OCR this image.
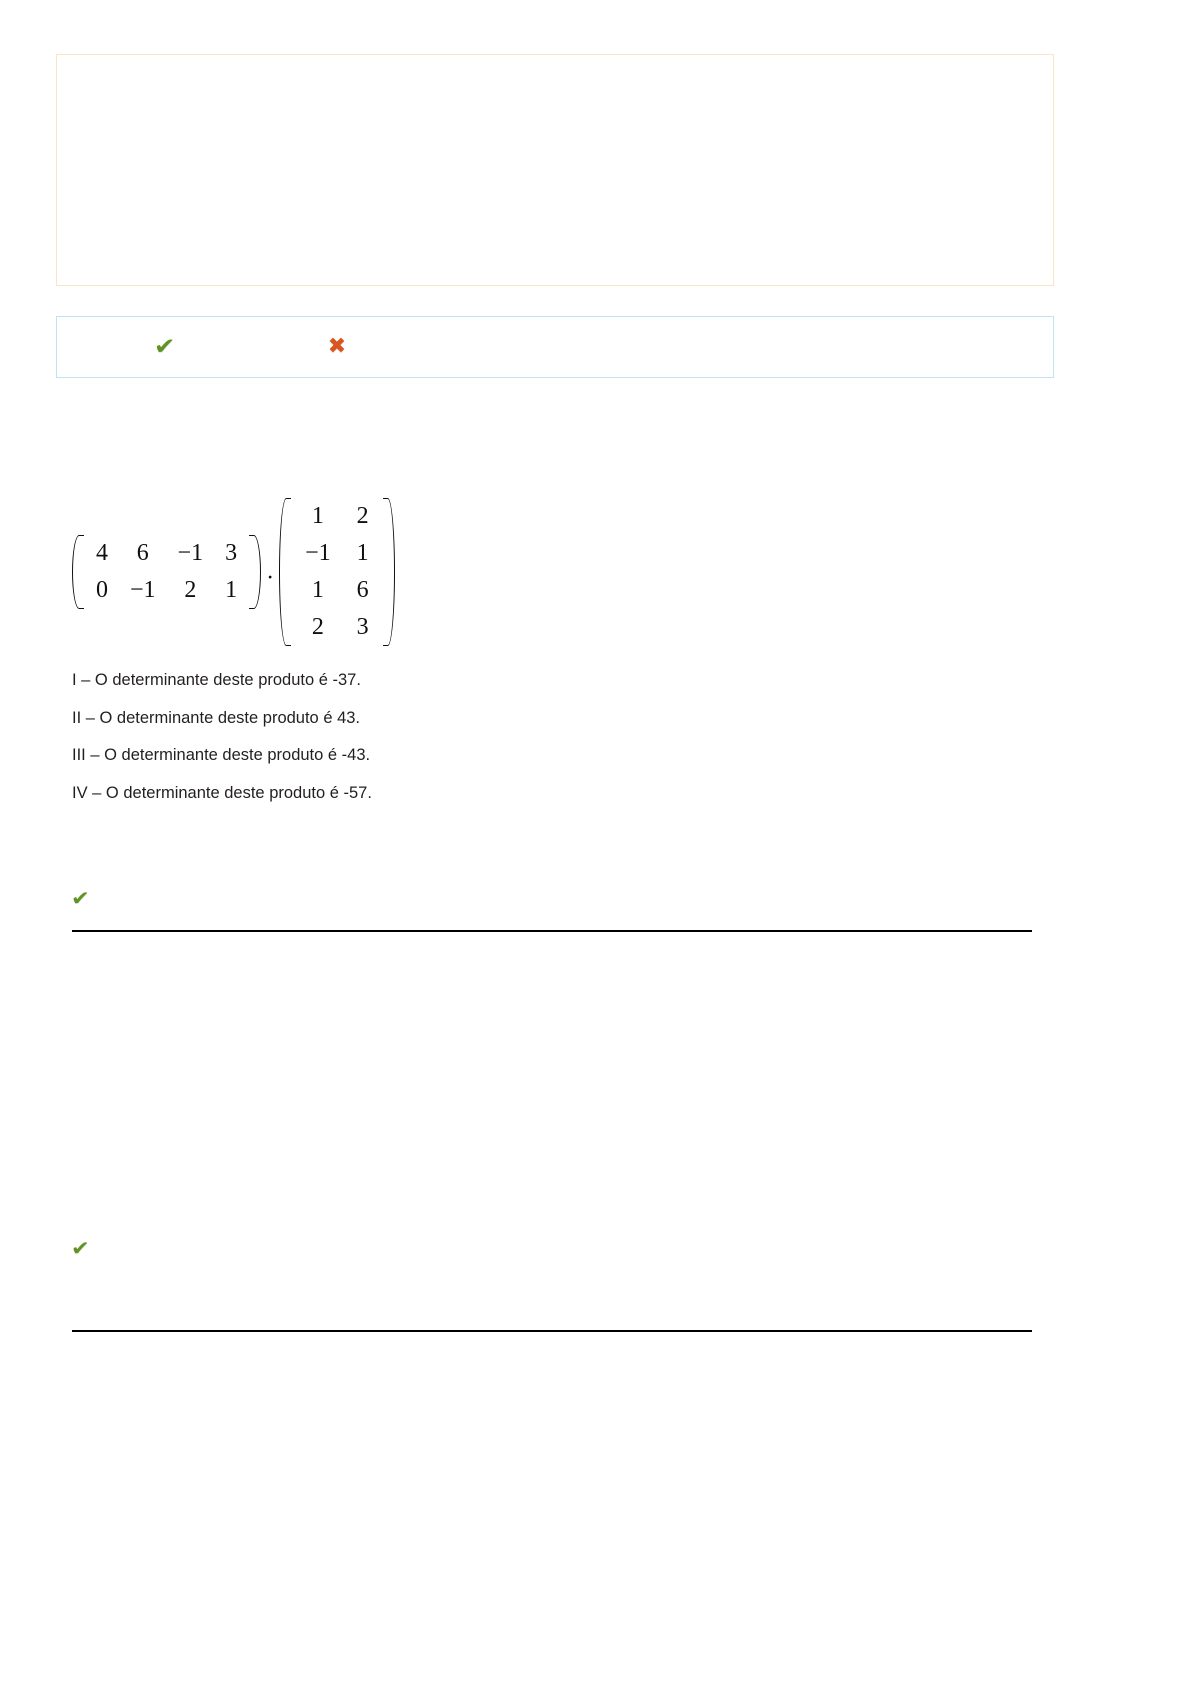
✔	✖
4	6	−1	3
0	−1	2	1 ·
1	2
−1	1
1	6
2	3
I – O determinante deste produto é -37.
II – O determinante deste produto é 43.
III – O determinante deste produto é -43.
IV – O determinante deste produto é -57.
✔
✔
